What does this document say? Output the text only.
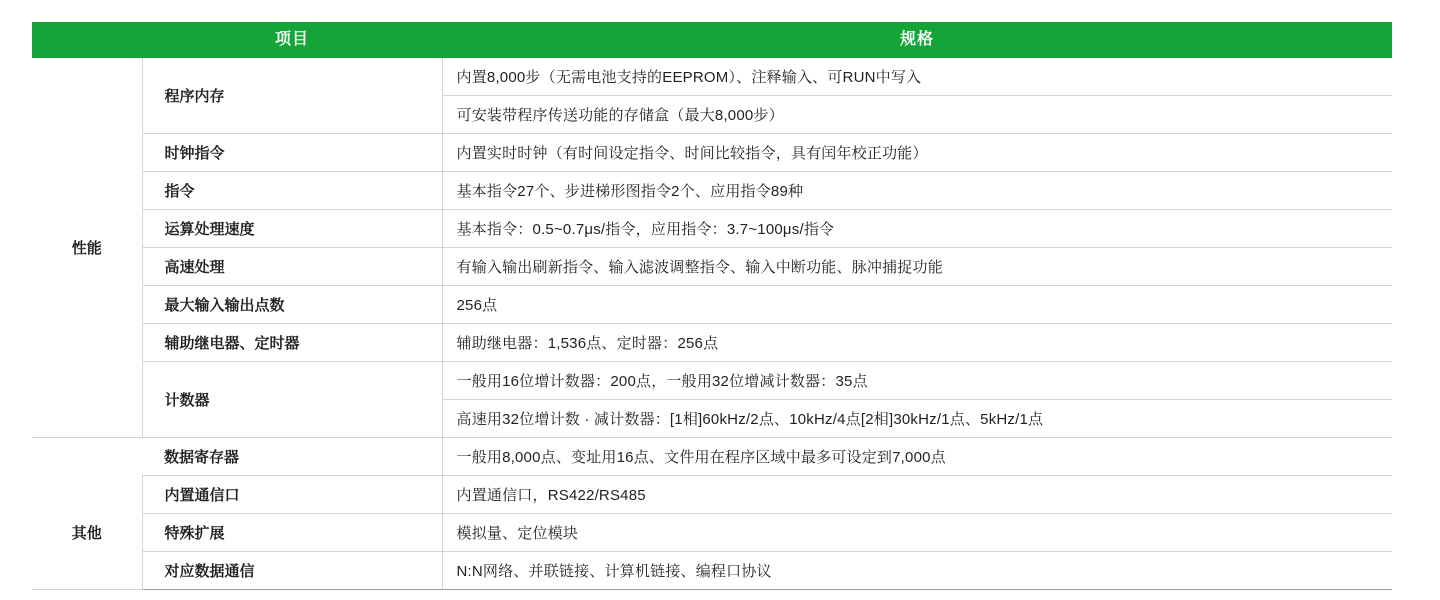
	项目	规格
性能	程序内存	内置8,000步（无需电池支持的EEPROM）、注释输入、可RUN中写入
		可安装带程序传送功能的存储盒（最大8,000步）
	时钟指令	内置实时时钟（有时间设定指令、时间比较指令，具有闰年校正功能）
	指令	基本指令27个、步进梯形图指令2个、应用指令89种
	运算处理速度	基本指令：0.5~0.7μs/指令，应用指令：3.7~100μs/指令
	高速处理	有输入输出刷新指令、输入滤波调整指令、输入中断功能、脉冲捕捉功能
	最大输入输出点数	256点
	辅助继电器、定时器	辅助继电器：1,536点、定时器：256点
	计数器	一般用16位增计数器：200点，一般用32位增减计数器：35点
		高速用32位增计数 · 减计数器：[1相]60kHz/2点、10kHz/4点[2相]30kHz/1点、5kHz/1点
	数据寄存器	一般用8,000点、变址用16点、文件用在程序区域中最多可设定到7,000点
其他	内置通信口	内置通信口，RS422/RS485
	特殊扩展	模拟量、定位模块
	对应数据通信	N:N网络、并联链接、计算机链接、编程口协议
